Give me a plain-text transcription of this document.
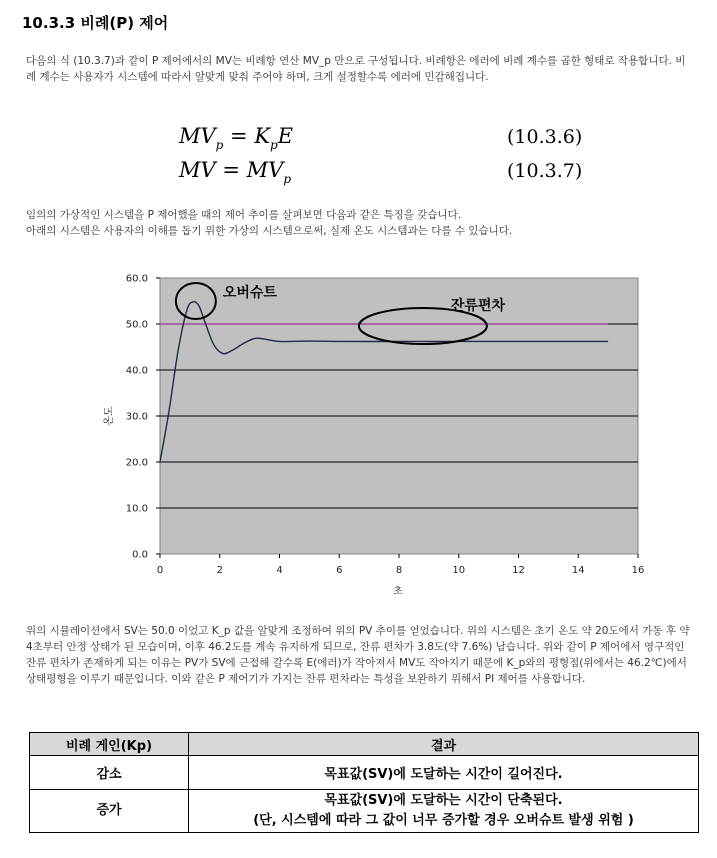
10.3.3 비례(P) 제어
다음의 식 (10.3.7)과 같이 P 제어에서의 MV는 비례항 연산 MV_p 만으로 구성됩니다. 비례항은 에러에 비례 계수를 곱한 형태로 작용합니다. 비례 계수는 사용자가 시스템에 따라서 알맞게 맞춰 주어야 하며, 크게 설정할수록 에러에 민감해집니다.
$MV_p = K_pE$	(10.3.6)
MV = $MV_p$	(10.3.7)
임의의 가상적인 시스템을 P 제어했을 때의 제어 추이를 살펴보면 다음과 같은 특징을 갖습니다.
아래의 시스템은 사용자의 이해를 돕기 위한 가상의 시스템으로써, 실제 온도 시스템과는 다를 수 있습니다.
0.0
10.0
20.0
30.0
40.0
50.0
60.0
0	2	4	6	8	10	12	14	16
초
온도
오버슈트
잔류편차
위의 시뮬레이션에서 SV는 50.0 이었고 K_p 값을 알맞게 조정하여 위의 PV 추이를 얻었습니다. 위의 시스템은 초기 온도 약 20도에서 가동 후 약 4초부터 안정 상태가 된 모습이며, 이후 46.2도를 계속 유지하게 되므로, 잔류 편차가 3.8도(약 7.6%) 남습니다. 위와 같이 P 제어에서 영구적인 잔류 편차가 존재하게 되는 이유는 PV가 SV에 근접해 갈수록 E(에러)가 작아져서 MV도 작아지기 때문에 K_p와의 평형점(위에서는 46.2℃)에서 상태평형을 이루기 때문입니다. 이와 같은 P 제어기가 가지는 잔류 편차라는 특성을 보완하기 위해서 PI 제어를 사용합니다.
비례 게인(Kp)	결과
감소	목표값(SV)에 도달하는 시간이 길어진다.

증가	목표값(SV)에 도달하는 시간이 단축된다.
(단, 시스템에 따라 그 값이 너무 증가할 경우 오버슈트 발생 위험 )
